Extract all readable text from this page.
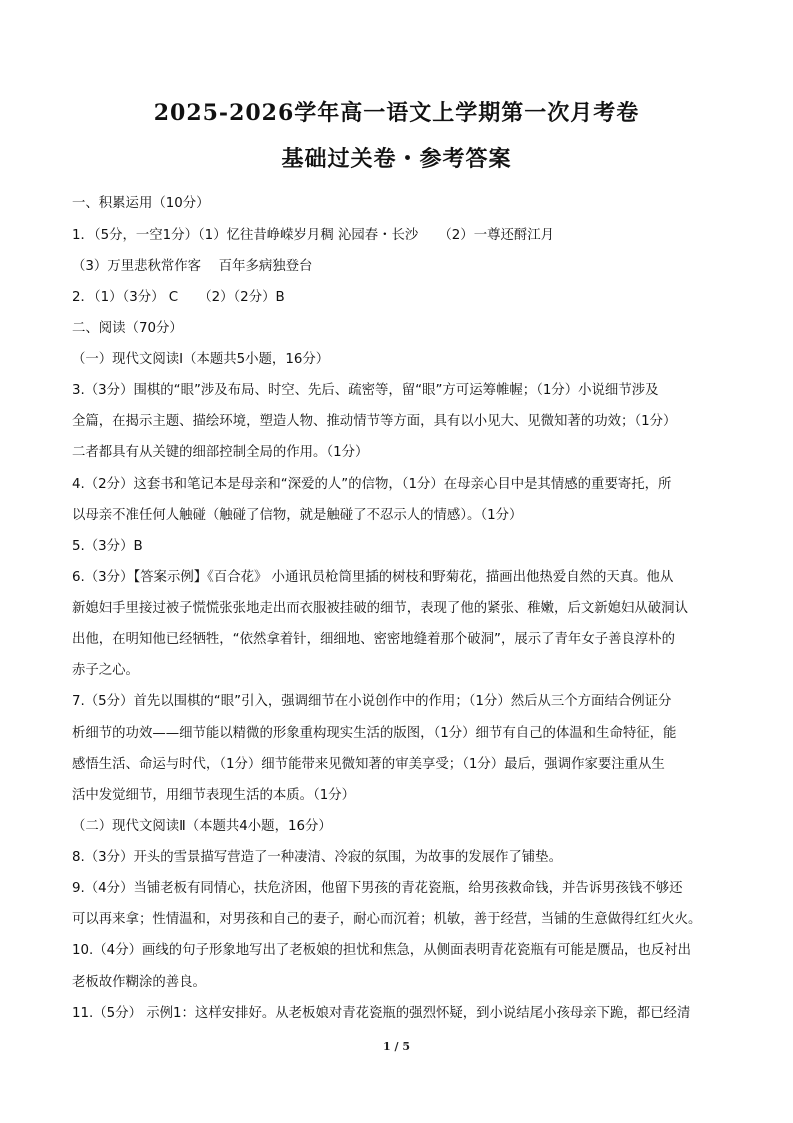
2025-2026学年高一语文上学期第一次月考卷
基础过关卷・参考答案
一、积累运用（10分）
1．（5分，一空1分）（1）忆往昔峥嵘岁月稠 沁园春・长沙　　（2）一尊还酹江月
（3）万里悲秋常作客　 百年多病独登台
2．（1）（3分） C　　（2）（2分）B
二、阅读（70分）
（一）现代文阅读Ⅰ（本题共5小题，16分）
3.（3分）围棋的“眼”涉及布局、时空、先后、疏密等，留“眼”方可运筹帷幄；（1分）小说细节涉及
全篇，在揭示主题、描绘环境，塑造人物、推动情节等方面，具有以小见大、见微知著的功效；（1分）
二者都具有从关键的细部控制全局的作用。（1分）
4.（2分）这套书和笔记本是母亲和“深爱的人”的信物，（1分）在母亲心目中是其情感的重要寄托，所
以母亲不准任何人触碰（触碰了信物，就是触碰了不忍示人的情感）。（1分）
5.（3分）B
6.（3分）【答案示例】《百合花》 小通讯员枪筒里插的树枝和野菊花，描画出他热爱自然的天真。他从
新媳妇手里接过被子慌慌张张地走出而衣服被挂破的细节，表现了他的紧张、稚嫩，后文新媳妇从破洞认
出他，在明知他已经牺牲，“依然拿着针，细细地、密密地缝着那个破洞”，展示了青年女子善良淳朴的
赤子之心。
7.（5分）首先以围棋的“眼”引入，强调细节在小说创作中的作用；（1分）然后从三个方面结合例证分
析细节的功效——细节能以精微的形象重构现实生活的版图，（1分）细节有自己的体温和生命特征，能
感悟生活、命运与时代，（1分）细节能带来见微知著的审美享受；（1分）最后，强调作家要注重从生
活中发觉细节，用细节表现生活的本质。（1分）
（二）现代文阅读Ⅱ（本题共4小题，16分）
8.（3分）开头的雪景描写营造了一种凄清、冷寂的氛围，为故事的发展作了铺垫。
9.（4分）当铺老板有同情心，扶危济困，他留下男孩的青花瓷瓶，给男孩救命钱，并告诉男孩钱不够还
可以再来拿；性情温和，对男孩和自己的妻子，耐心而沉着；机敏，善于经营，当铺的生意做得红红火火。
10.（4分）画线的句子形象地写出了老板娘的担忧和焦急，从侧面表明青花瓷瓶有可能是赝品，也反衬出
老板故作糊涂的善良。
11.（5分） 示例1：这样安排好。从老板娘对青花瓷瓶的强烈怀疑，到小说结尾小孩母亲下跪，都已经清
1 / 5
